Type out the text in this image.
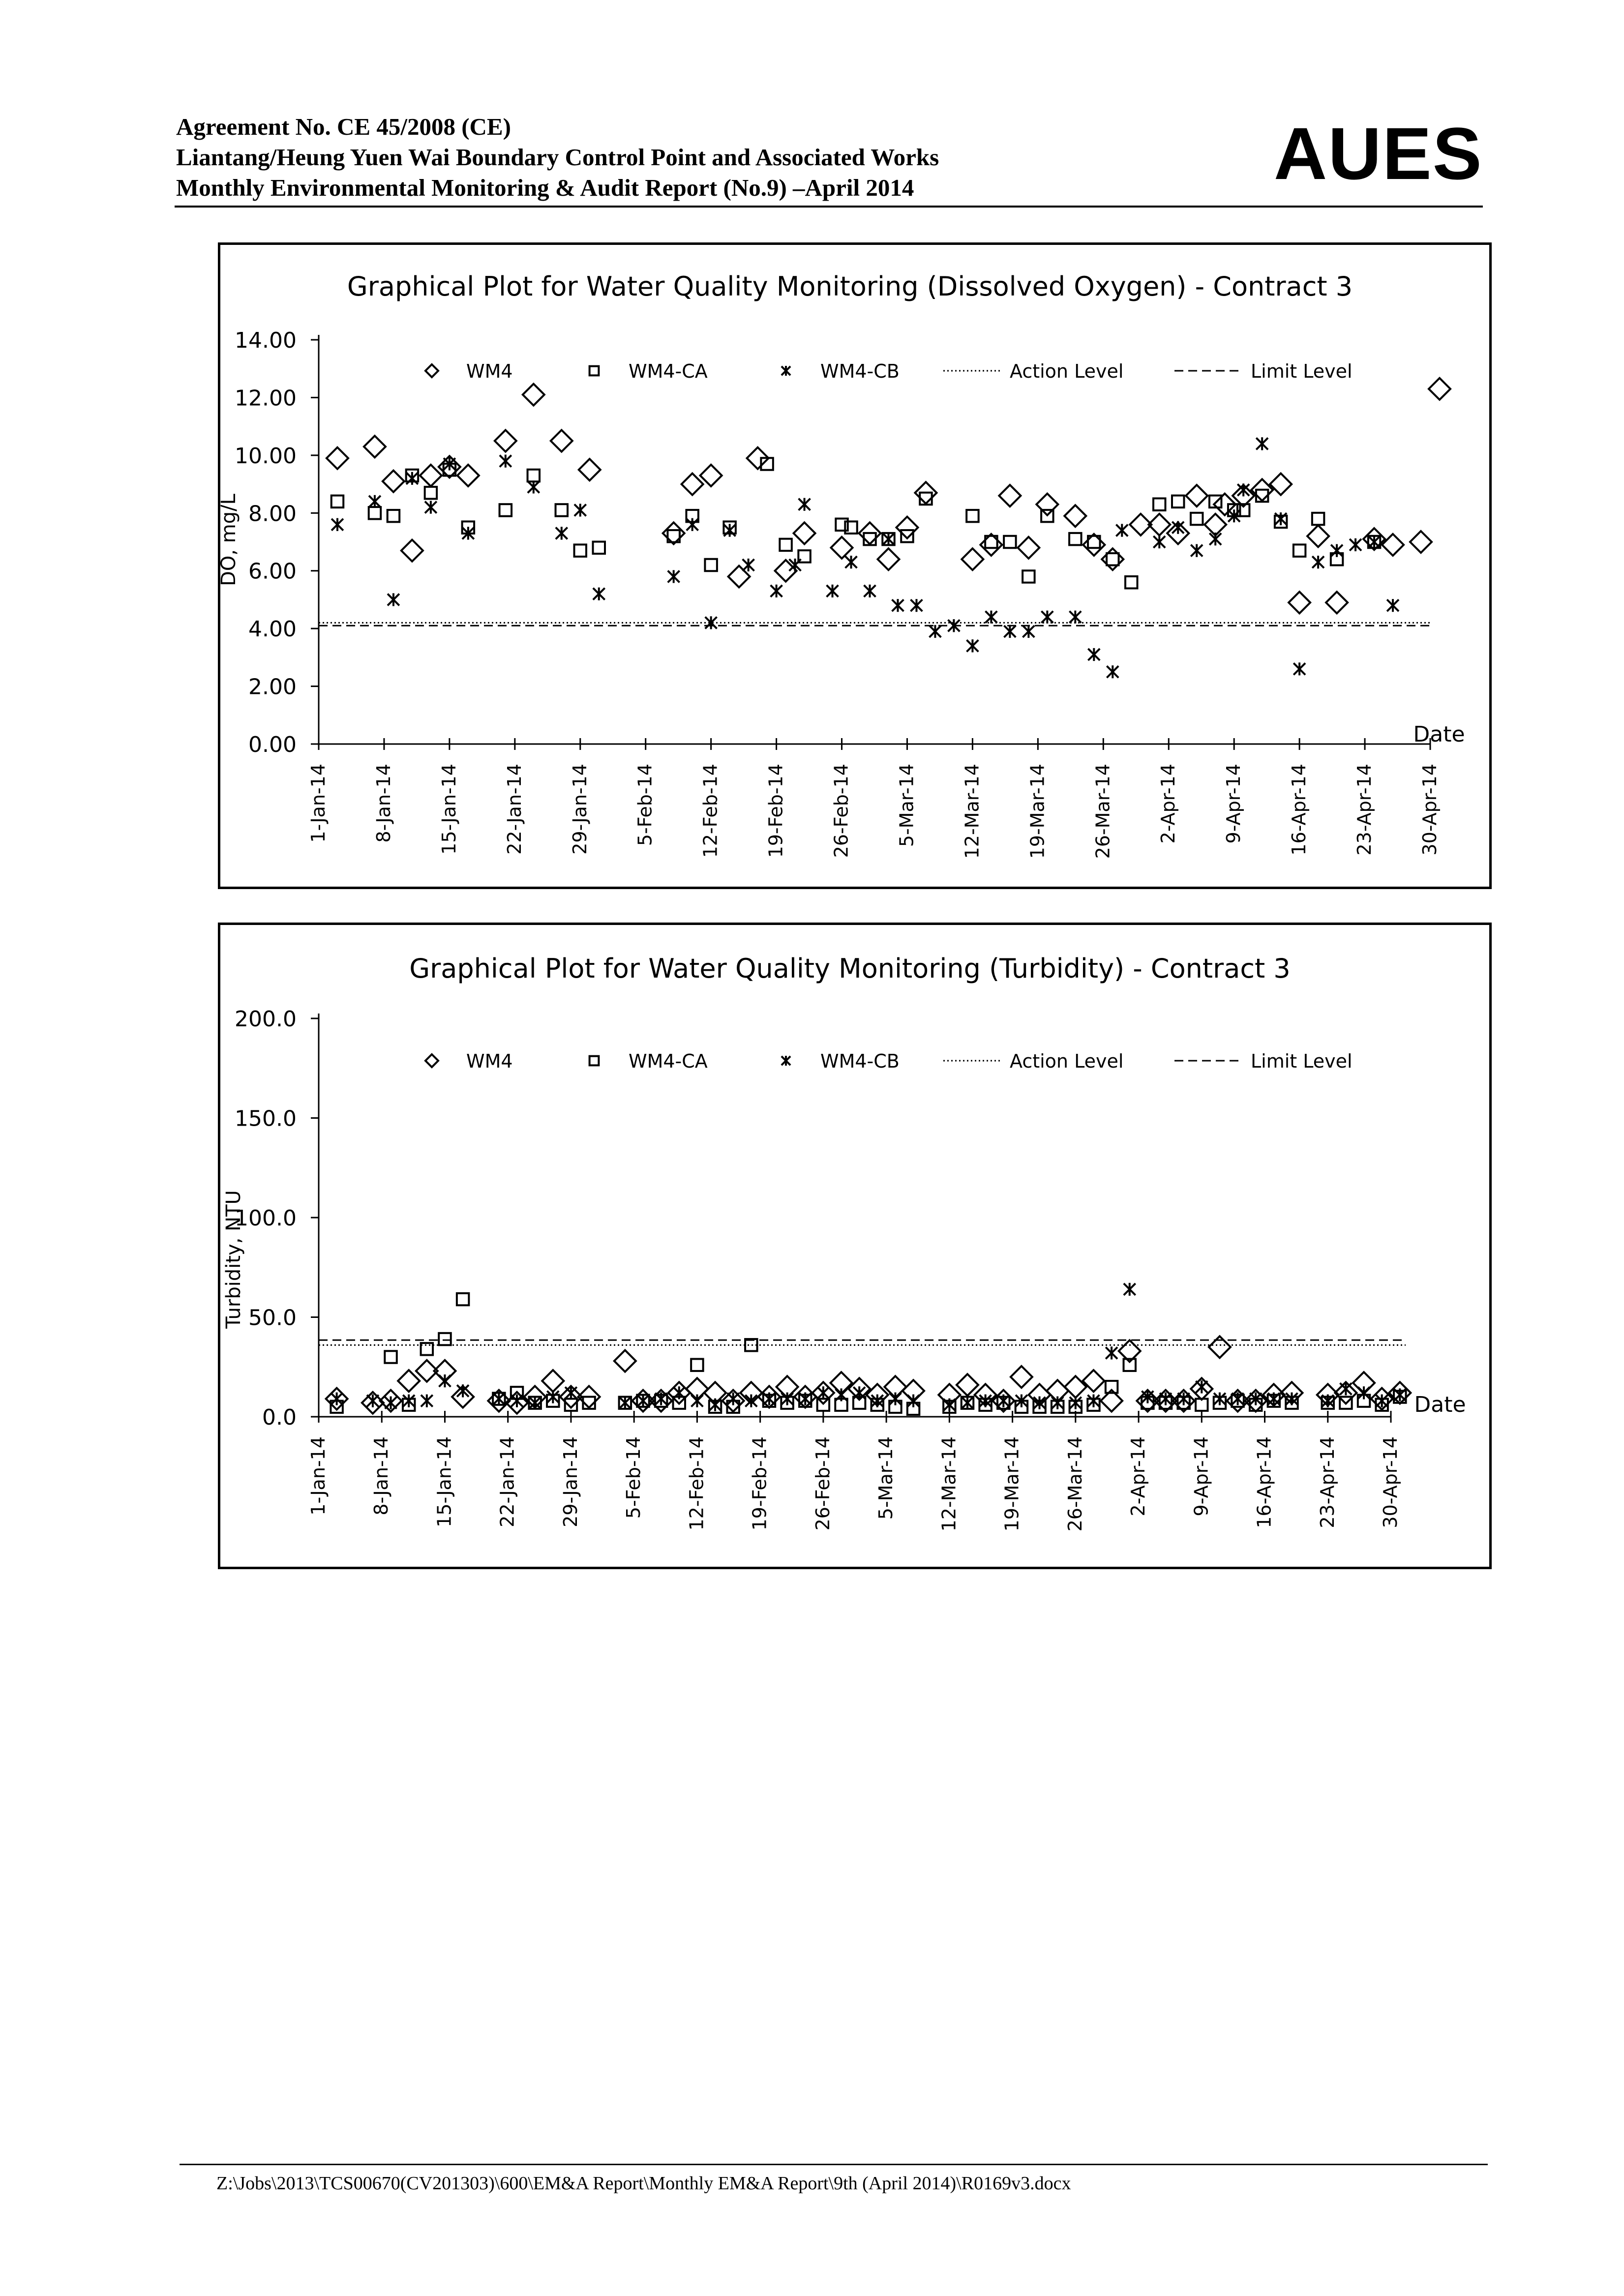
Agreement No. CE 45/2008 (CE)
Liantang/Heung Yuen Wai Boundary Control Point and Associated Works
Monthly Environmental Monitoring & Audit Report (No.9) –April 2014	AUES
Graphical Plot for Water Quality Monitoring (Dissolved Oxygen) - Contract 3
0.00
2.00
4.00
6.00
8.00
10.00
12.00
14.00
DO, mg/L
1-Jan-14 8-Jan-14 15-Jan-14 22-Jan-14 29-Jan-14 5-Feb-14 12-Feb-14 19-Feb-14 26-Feb-14 5-Mar-14 12-Mar-14 19-Mar-14 26-Mar-14 2-Apr-14 9-Apr-14 16-Apr-14 23-Apr-14 30-Apr-14
Date
WM4	WM4-CA	WM4-CB	Action Level	Limit Level
Graphical Plot for Water Quality Monitoring (Turbidity) - Contract 3
0.0
50.0
100.0
150.0
200.0
Turbidity, NTU
1-Jan-14 8-Jan-14 15-Jan-14 22-Jan-14 29-Jan-14 5-Feb-14 12-Feb-14 19-Feb-14 26-Feb-14 5-Mar-14 12-Mar-14 19-Mar-14 26-Mar-14 2-Apr-14 9-Apr-14 16-Apr-14 23-Apr-14 30-Apr-14
Date
WM4	WM4-CA	WM4-CB	Action Level	Limit Level
Z:\Jobs\2013\TCS00670(CV201303)\600\EM&A Report\Monthly EM&A Report\9th (April 2014)\R0169v3.docx
